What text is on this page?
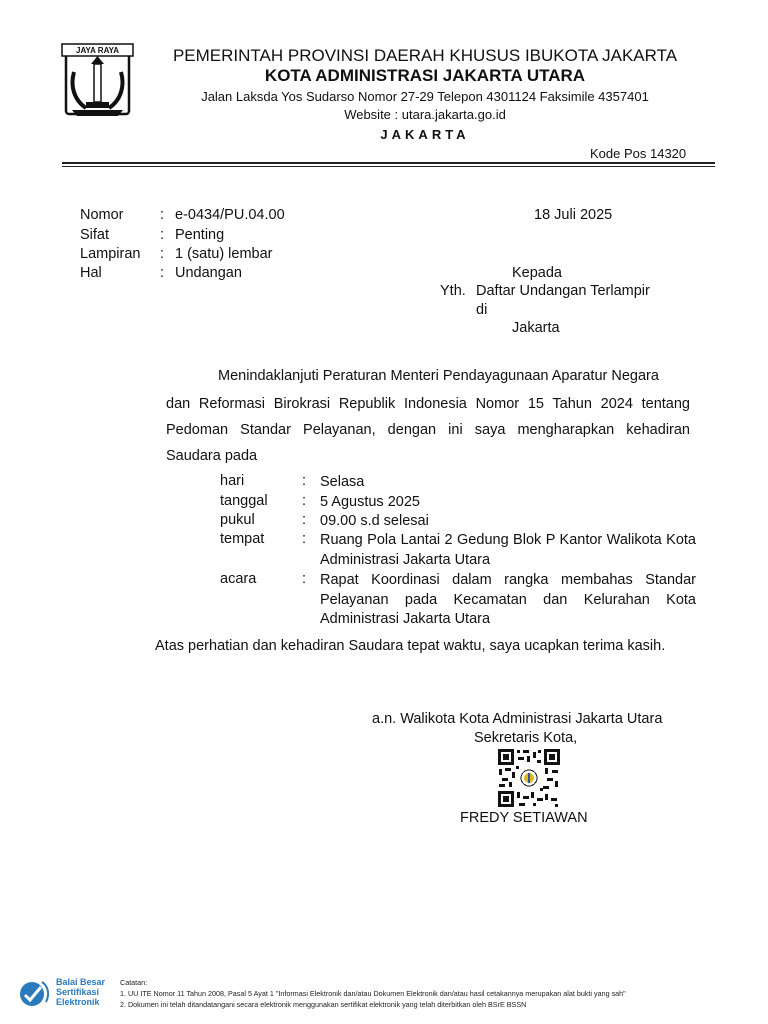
JAYA RAYA	PEMERINTAH PROVINSI DAERAH KHUSUS IBUKOTA JAKARTA
KOTA ADMINISTRASI JAKARTA UTARA
Jalan Laksda Yos Sudarso Nomor 27-29 Telepon 4301124 Faksimile 4357401
Website : utara.jakarta.go.id
JAKARTA
Kode Pos 14320
Nomor	: e-0434/PU.04.00
Sifat	: Penting
Lampiran	: 1 (satu) lembar
Hal	: Undangan
18 Juli 2025
Kepada
Yth. Daftar Undangan Terlampir
di
Jakarta
Menindaklanjuti Peraturan Menteri Pendayagunaan Aparatur Negara
dan Reformasi Birokrasi Republik Indonesia Nomor 15 Tahun 2024 tentang Pedoman Standar Pelayanan, dengan ini saya mengharapkan kehadiran Saudara pada
hari	: Selasa
tanggal : 5 Agustus 2025
pukul	: 09.00 s.d selesai
tempat	: Ruang Pola Lantai 2 Gedung Blok P Kantor Walikota Kota Administrasi Jakarta Utara
acara	: Rapat Koordinasi dalam rangka membahas Standar Pelayanan pada Kecamatan dan Kelurahan Kota Administrasi Jakarta Utara
Atas perhatian dan kehadiran Saudara tepat waktu, saya ucapkan terima kasih.
a.n. Walikota Kota Administrasi Jakarta Utara
Sekretaris Kota,
FREDY SETIAWAN
Balai Besar Sertifikasi Elektronik
Catatan:
1. UU ITE Nomor 11 Tahun 2008, Pasal 5 Ayat 1 "Informasi Elektronik dan/atau Dokumen Elektronik dan/atau hasil cetakannya merupakan alat bukti yang sah"
2. Dokumen ini telah ditandatangani secara elektronik menggunakan sertifikat elektronik yang telah diterbitkan oleh BSrE BSSN
